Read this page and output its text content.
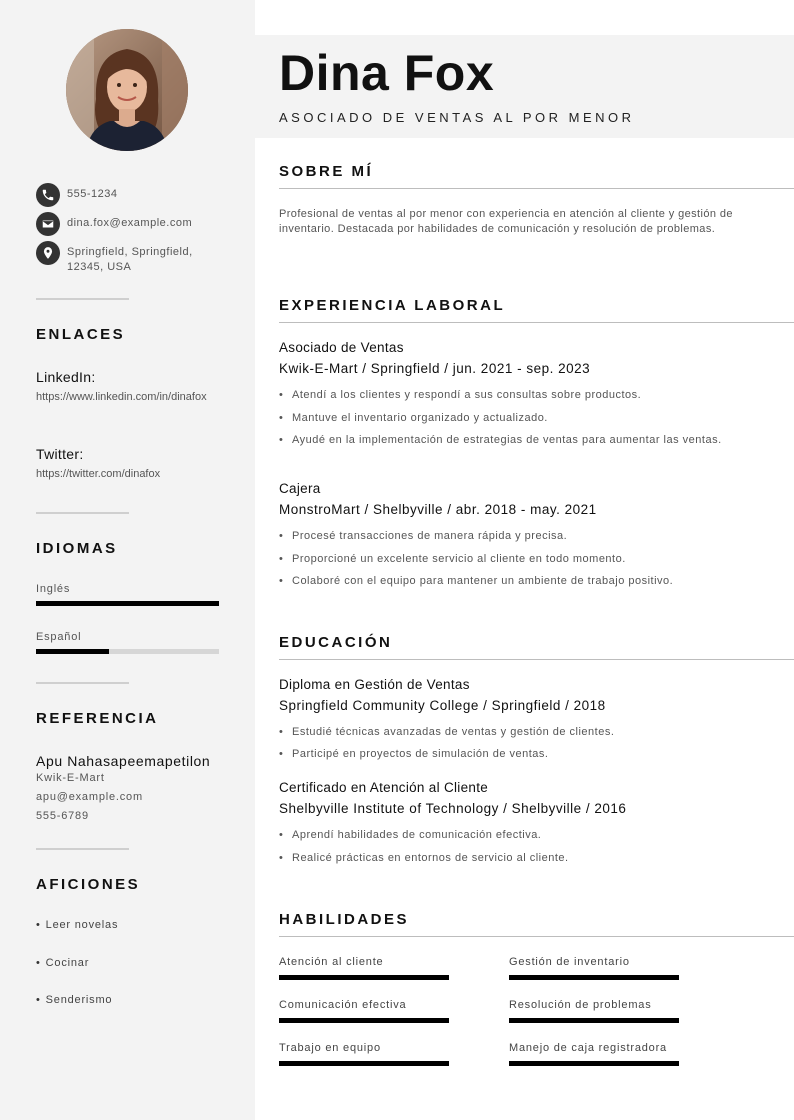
555-1234
dina.fox@example.com
Springfield, Springfield, 12345, USA
ENLACES
LinkedIn:
https://www.linkedin.com/in/dinafox
Twitter:
https://twitter.com/dinafox
IDIOMAS
Inglés
Español
REFERENCIA
Apu Nahasapeemapetilon
Kwik-E-Mart
apu@example.com
555-6789
AFICIONES
• Leer novelas
• Cocinar
• Senderismo
Dina Fox
ASOCIADO DE VENTAS AL POR MENOR
SOBRE MÍ

Profesional de ventas al por menor con experiencia en atención al cliente y gestión de inventario. Destacada por habilidades de comunicación y resolución de problemas.

EXPERIENCIA LABORAL
Asociado de Ventas
Kwik-E-Mart / Springfield / jun. 2021 - sep. 2023
• Atendí a los clientes y respondí a sus consultas sobre productos.
• Mantuve el inventario organizado y actualizado.
• Ayudé en la implementación de estrategias de ventas para aumentar las ventas.
Cajera
MonstroMart / Shelbyville / abr. 2018 - may. 2021
• Procesé transacciones de manera rápida y precisa.
• Proporcioné un excelente servicio al cliente en todo momento.
• Colaboré con el equipo para mantener un ambiente de trabajo positivo.
EDUCACIÓN
Diploma en Gestión de Ventas
Springfield Community College / Springfield / 2018
• Estudié técnicas avanzadas de ventas y gestión de clientes.
• Participé en proyectos de simulación de ventas.
Certificado en Atención al Cliente
Shelbyville Institute of Technology / Shelbyville / 2016
• Aprendí habilidades de comunicación efectiva.
• Realicé prácticas en entornos de servicio al cliente.
HABILIDADES
Atención al cliente	Gestión de inventario
Comunicación efectiva	Resolución de problemas
Trabajo en equipo	Manejo de caja registradora
